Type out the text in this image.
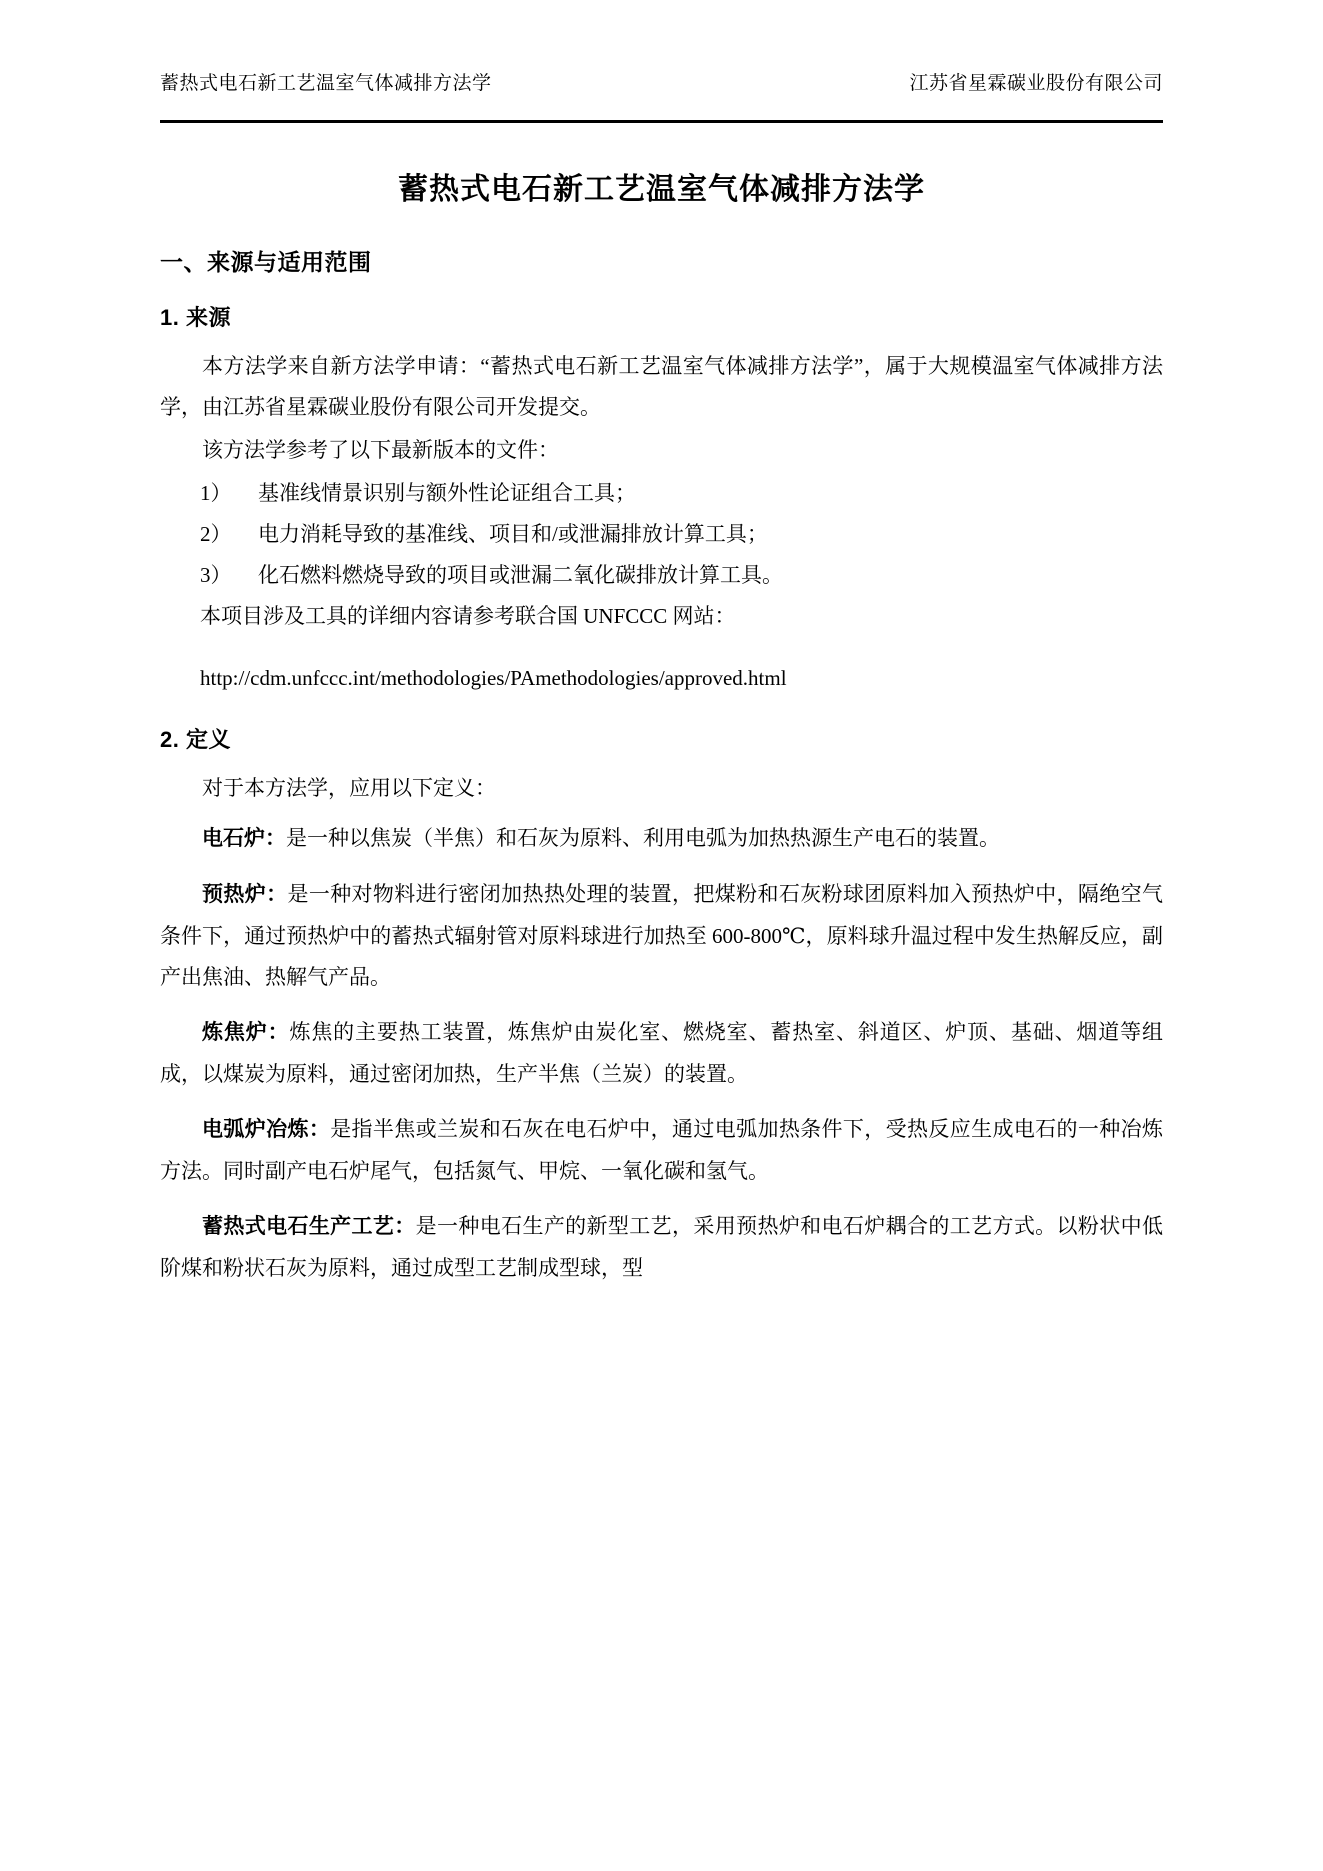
蓄热式电石新工艺温室气体减排方法学	江苏省星霖碳业股份有限公司
蓄热式电石新工艺温室气体减排方法学
一、来源与适用范围
1. 来源

本方法学来自新方法学申请：“蓄热式电石新工艺温室气体减排方法学”，属于大规模温室气体减排方法学，由江苏省星霖碳业股份有限公司开发提交。

该方法学参考了以下最新版本的文件：

1）	基准线情景识别与额外性论证组合工具；
2）	电力消耗导致的基准线、项目和/或泄漏排放计算工具；
3）	化石燃料燃烧导致的项目或泄漏二氧化碳排放计算工具。

本项目涉及工具的详细内容请参考联合国 UNFCCC 网站：

http://cdm.unfccc.int/methodologies/PAmethodologies/approved.html

2. 定义

对于本方法学，应用以下定义：

电石炉：是一种以焦炭（半焦）和石灰为原料、利用电弧为加热热源生产电石的装置。

预热炉：是一种对物料进行密闭加热热处理的装置，把煤粉和石灰粉球团原料加入预热炉中，隔绝空气条件下，通过预热炉中的蓄热式辐射管对原料球进行加热至 600-800℃，原料球升温过程中发生热解反应，副产出焦油、热解气产品。

炼焦炉：炼焦的主要热工装置，炼焦炉由炭化室、燃烧室、蓄热室、斜道区、炉顶、基础、烟道等组成，以煤炭为原料，通过密闭加热，生产半焦（兰炭）的装置。

电弧炉冶炼：是指半焦或兰炭和石灰在电石炉中，通过电弧加热条件下，受热反应生成电石的一种冶炼方法。同时副产电石炉尾气，包括氮气、甲烷、一氧化碳和氢气。

蓄热式电石生产工艺：是一种电石生产的新型工艺，采用预热炉和电石炉耦合的工艺方式。以粉状中低阶煤和粉状石灰为原料，通过成型工艺制成型球，型
